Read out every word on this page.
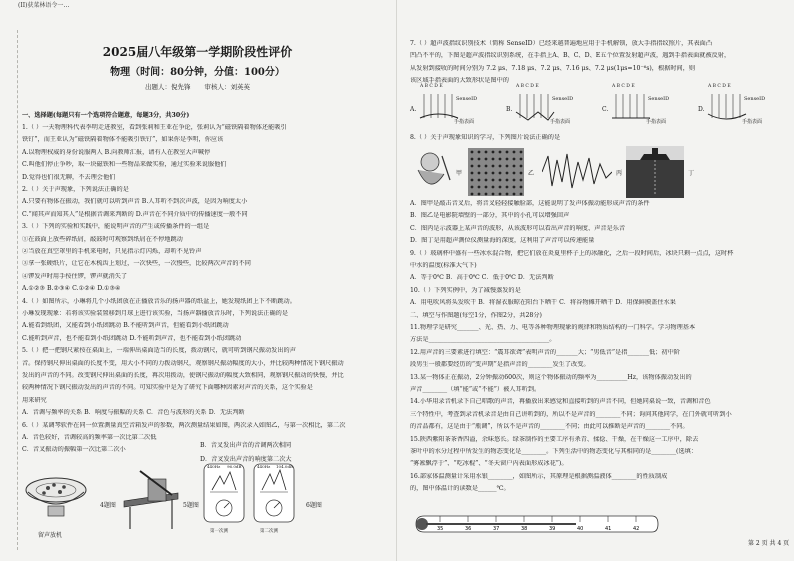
(II)获菜林语令一…
2025届八年级第一学期阶段性评价
物理（时间：80分钟，分值：100分）
出题人：倪先锋 审核人：刘英英
一、选择题(每题只有一个选项符合题意，每题3分，共30分)
1.（ ）一天物理科代表李明走进教室，看到张莉和王亚在争论，张莉认为“磁铁隔着物体还能吸引
铁钉”，而王亚认为“磁铁隔着物体不能吸引铁钉”，如果你是李明，你应该
A.以物理权威的身份说服两人 B.向教师汇报，请有人在教室大声喊停
C.叫他们停止争吵，取一块磁铁和一些物品来做实验，通过实验来说服他们
D.觉得也们很无聊，不去理会他们
2.（ ）关于声现象，下列说法正确的是
A.只要有物体在振动，我们就可以听到声音 B.人耳听不到次声波，是因为响度太小
C.“闻其声而知其人”是根据音调来判断的 D.声音在不同介质中的传播速度一般不同
3.（ ）下列的实验和实践中，能说明声音的产生或传播条件的一组是
①在鼓面上放些碎纸屑，敲鼓时可观察到纸屑在不停地跳动
②当放在真空罩里的手机来电时，只见指示灯闪烁，却听不见铃声
③拿一张硬纸片，让它在木梳齿上划过，一次快些，一次慢些，比较两次声音的不同
④锣发声时用手按住锣，锣声就消失了
A.①②③ B.②③④ C.①②④ D.①③④
4.（ ）如图所示，小琳将几个小纸团放在正播放音乐的扬声器的纸盆上，她发现纸团上下不断跳动。
小琳发现现象：若将该实验装置移到月球上进行该实验，当扬声器播放音乐时，下列说法正确的是
A.能看到纸团，又能看到小纸团跳动 B.不能听到声音，但能看到小纸团跳动
C.能听到声音，也不能看到小纸团跳动 D.不能听到声音，也不能看到小纸团跳动
5.（ ）把一把钢尺紧按在桌面上，一端伸出桌面适当的长度，拨动钢尺，就可听到钢尺振动发出的声
音。保持钢尺伸出桌面的长度不变，用大小不同的力拨动钢尺，观察钢尺振动幅度的大小，并比较两种情况下钢尺振动
发出的声音的不同。改变钢尺伸出桌面的长度，再次用拨动，使钢尺振动的幅度大致相同，观察钢尺振动的快慢，并比
较两种情况下钢尺振动发出的声音的不同。可知实验中是为了研究下面哪种因素对声音的关系，这个实验是
用来研究
A．音调与频率的关系 B．响度与振幅的关系 C．音色与波形的关系 D．无法判断
6.（ ）某调琴软件在同一位置测量真空音箱发声的参数，两次测量结果如图，两次录入如图乙，与第一次相比，第二次
A．音色较好，音调较高的频率第一次比第二次低
C．音叉振动的振幅第一次比第二次小
B．音叉发出声音的音调两次相同
D．音叉发出声音的响度第二次大
4题图
留声放机
5题图
440Hz 96.0dB	440Hz 104.0dB
第一次测	第二次测
6题图
7.（ ）超声波指纹识别技术（简称 SenseID）已经来越普遍地应用于手机解锁，放大手指指纹照片，其表面凸
凹凸不平的，下图是超声波指纹识别系统，在手指上A、B、C、D、E五个位置发射超声波，遇到手指表面就被反射，
从发射到接收的时间分别为 7.2 μs、7.18 μs、7.2 μs、7.16 μs、7.2 μs(1μs=10⁻⁶s)，根据时间，则
该区域手指表面的大致形状是图中的
A.
A B C D E
SenseID
手指表面
B.
A B C D E
SenseID
手指表面
C.
A B C D E
SenseID
手指表面
D.
A B C D E
SenseID
手指表面
8.（ ）关于声现象知识的学习，下列图片说法正确的是
甲	乙	丙	丁
A．图甲是敲击音叉后，将音叉轻轻接触脸部，这能说明了发声体振动能形成声音的条件
B．图乙是电影院墙壁的一部分，其中的小孔可以增强回声
C．图丙是示波器上某声音的波形，从该波形可以看出声音的响度、声音是乐音
D．图丁是用超声测位仪测量海的深度，这利用了声音可以传递能量
9.（ ）玻璃杯中盛有一些冰水混合物，把它们放在炎夏里杯子上的冰融化，之后一段时间后，冰块只剩一点点，这时杯
中水的温度(标准大气下)
A．等于0℃ B．高于0℃ C．低于0℃ D．无法判断
10.（ ）下列实例中，为了减慢蒸发的是
A．用电吹风将头发吹干 B．将湿衣服晾在阳台下晒干 C．将谷物摊开晒干 D．用保鲜膜盖住水果
二、填空与作图题(每空1分，作图2分，共28分)
11.物理学是研究_______、光、热、力、电等各种物理现象的规律和物质结构的一门科学。学习物理基本
方法是_______________________________________。
12.用声音的三要素进行填空：“震耳欲聋”表明声音的_______大；“男低音”是指_______低；初中阶
段男生一般都要经历的“变声期”是指声音的________发生了改变。
13.某一物体正在振动，2分钟振动600次，则这个物体振动的频率为__________Hz，该物体振动发出的
声音________（填“能”或“不能”）被人耳听到。
14.小华用录音机录下自己唱歌的声音，再播放出来感觉和直接听到的声音不同，但她同桌说一致，音调和音色
三个特性中，考查到录音机录音是由自己讲听到的，所以不是声音的________不同；询问其他同学，在门外就可听到小
的音品都有，这是由于“瓶调”，所以不是声音的________不同；由此可以推断是声音的________不同。
15.陕西紫阳茶茶香四溢，余味悠长。绿茶制作的主要工序有杀青、揉捻、干燥，在干燥这一工序中，除去
茶叶中的水分过程中所发生的物态变化是________。下列生活中的物态变化与其相同的是________(选填：
“雾凇飘浮于”、“吃冰棍”、“冬天窗户内表面形成冰花”)。
16.部家体温测量计采用水银________，如图所示，其原理是根据测温液体________的性质制成
的，图中体温计的读数是______℃。
35	36	37	38	39	40	41	42
第 2 页 共 4 页
